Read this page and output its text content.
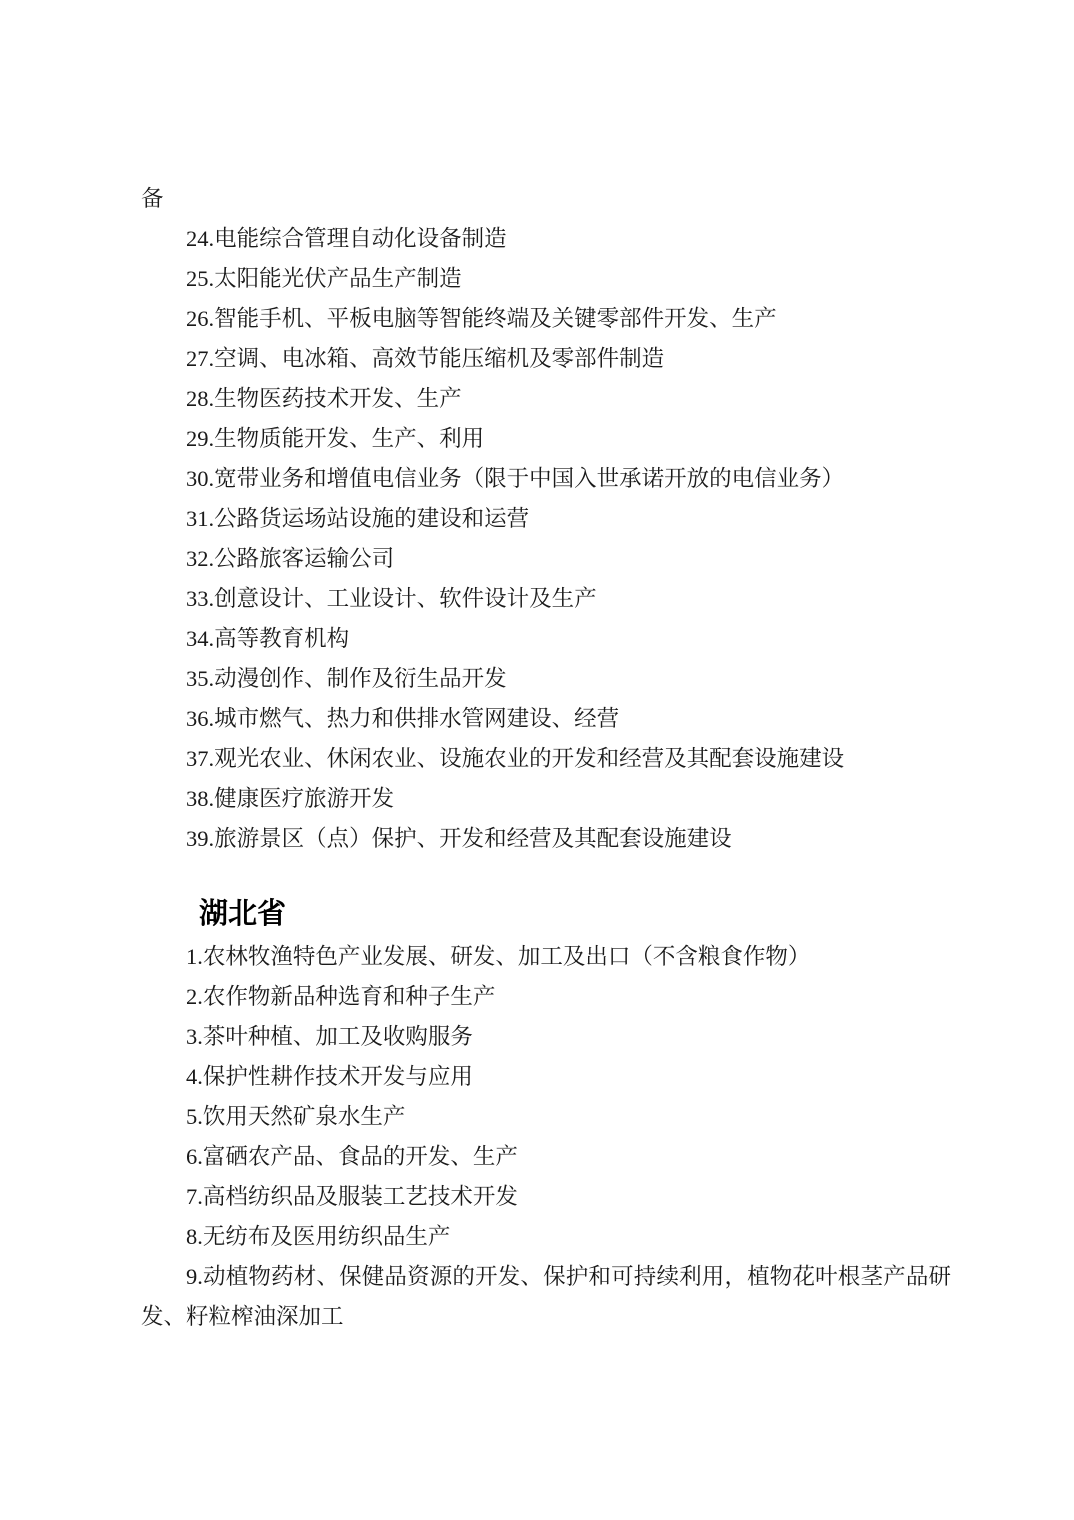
备

24.电能综合管理自动化设备制造

25.太阳能光伏产品生产制造

26.智能手机、平板电脑等智能终端及关键零部件开发、生产

27.空调、电冰箱、高效节能压缩机及零部件制造

28.生物医药技术开发、生产

29.生物质能开发、生产、利用

30.宽带业务和增值电信业务（限于中国入世承诺开放的电信业务）

31.公路货运场站设施的建设和运营

32.公路旅客运输公司

33.创意设计、工业设计、软件设计及生产

34.高等教育机构

35.动漫创作、制作及衍生品开发

36.城市燃气、热力和供排水管网建设、经营

37.观光农业、休闲农业、设施农业的开发和经营及其配套设施建设

38.健康医疗旅游开发

39.旅游景区（点）保护、开发和经营及其配套设施建设

湖北省

1.农林牧渔特色产业发展、研发、加工及出口（不含粮食作物）

2.农作物新品种选育和种子生产

3.茶叶种植、加工及收购服务

4.保护性耕作技术开发与应用

5.饮用天然矿泉水生产

6.富硒农产品、食品的开发、生产

7.高档纺织品及服装工艺技术开发

8.无纺布及医用纺织品生产

9.动植物药材、保健品资源的开发、保护和可持续利用，植物花叶根茎产品研发、籽粒榨油深加工
